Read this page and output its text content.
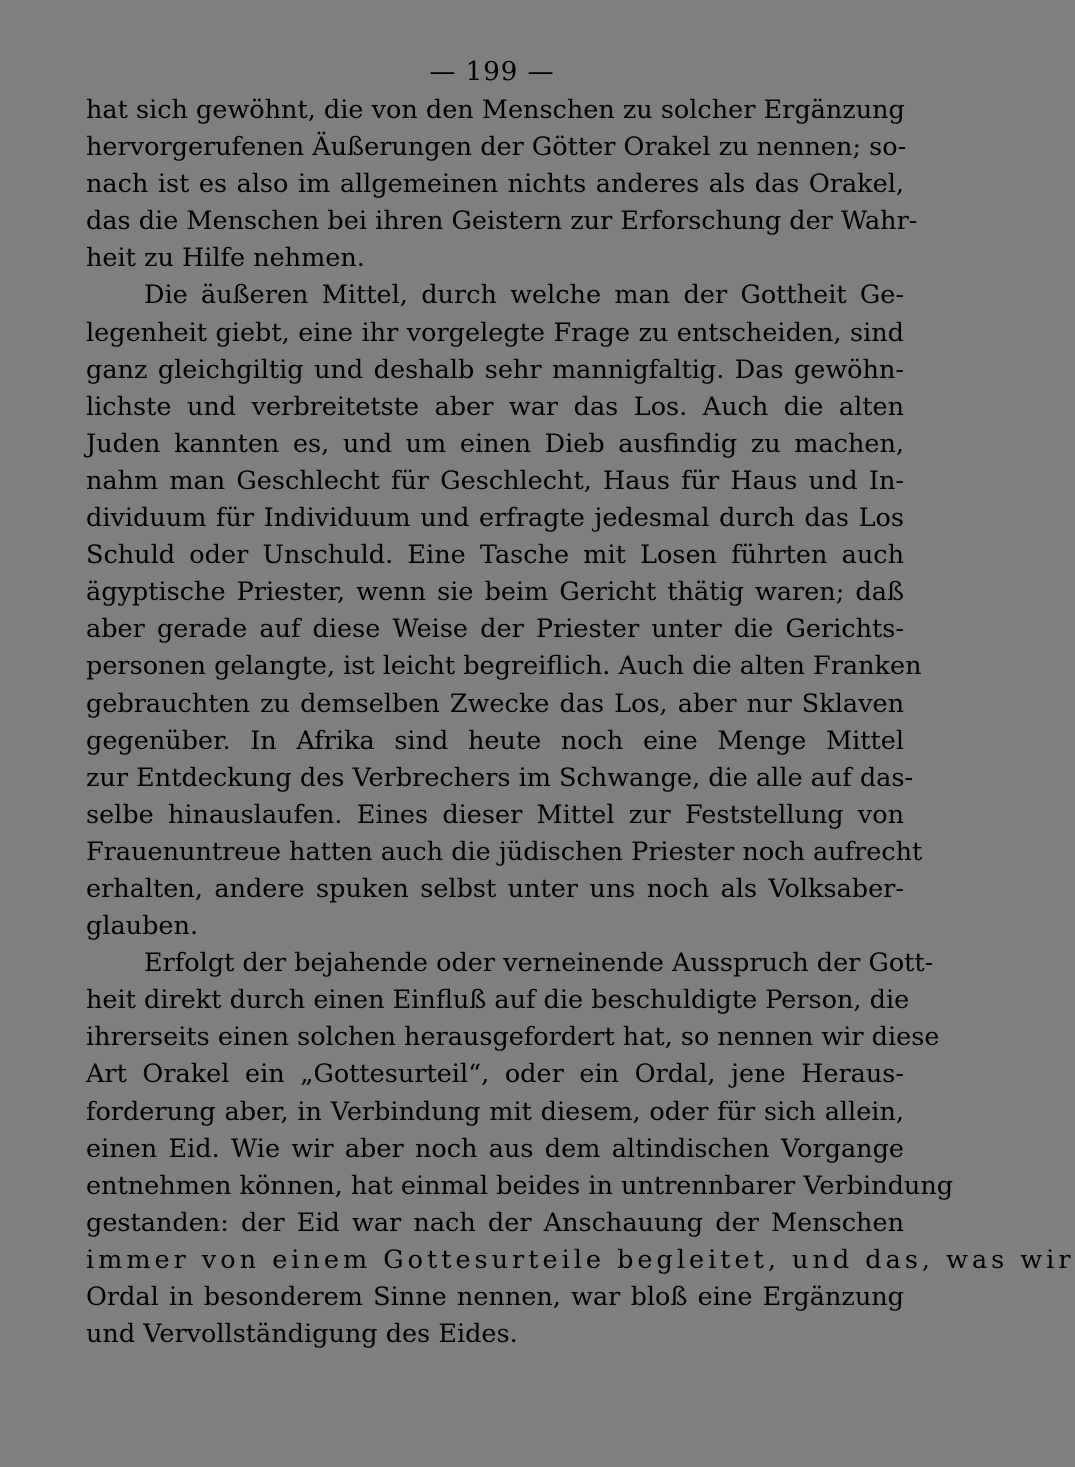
— 199 —
hat sich gewöhnt, die von den Menschen zu solcher Ergänzung
hervorgerufenen Äußerungen der Götter Orakel zu nennen; so-
nach ist es also im allgemeinen nichts anderes als das Orakel,
das die Menschen bei ihren Geistern zur Erforschung der Wahr-
heit zu Hilfe nehmen.
Die äußeren Mittel, durch welche man der Gottheit Ge-
legenheit giebt, eine ihr vorgelegte Frage zu entscheiden, sind
ganz gleichgiltig und deshalb sehr mannigfaltig. Das gewöhn-
lichste und verbreitetste aber war das Los. Auch die alten
Juden kannten es, und um einen Dieb ausfindig zu machen,
nahm man Geschlecht für Geschlecht, Haus für Haus und In-
dividuum für Individuum und erfragte jedesmal durch das Los
Schuld oder Unschuld. Eine Tasche mit Losen führten auch
ägyptische Priester, wenn sie beim Gericht thätig waren; daß
aber gerade auf diese Weise der Priester unter die Gerichts-
personen gelangte, ist leicht begreiflich. Auch die alten Franken
gebrauchten zu demselben Zwecke das Los, aber nur Sklaven
gegenüber. In Afrika sind heute noch eine Menge Mittel
zur Entdeckung des Verbrechers im Schwange, die alle auf das-
selbe hinauslaufen. Eines dieser Mittel zur Feststellung von
Frauenuntreue hatten auch die jüdischen Priester noch aufrecht
erhalten, andere spuken selbst unter uns noch als Volksaber-
glauben.
Erfolgt der bejahende oder verneinende Ausspruch der Gott-
heit direkt durch einen Einfluß auf die beschuldigte Person, die
ihrerseits einen solchen herausgefordert hat, so nennen wir diese
Art Orakel ein „Gottesurteil“, oder ein Ordal, jene Heraus-
forderung aber, in Verbindung mit diesem, oder für sich allein,
einen Eid. Wie wir aber noch aus dem altindischen Vorgange
entnehmen können, hat einmal beides in untrennbarer Verbindung
gestanden: der Eid war nach der Anschauung der Menschen
immer von einem Gottesurteile begleitet, und das, was wir
Ordal in besonderem Sinne nennen, war bloß eine Ergänzung
und Vervollständigung des Eides.
